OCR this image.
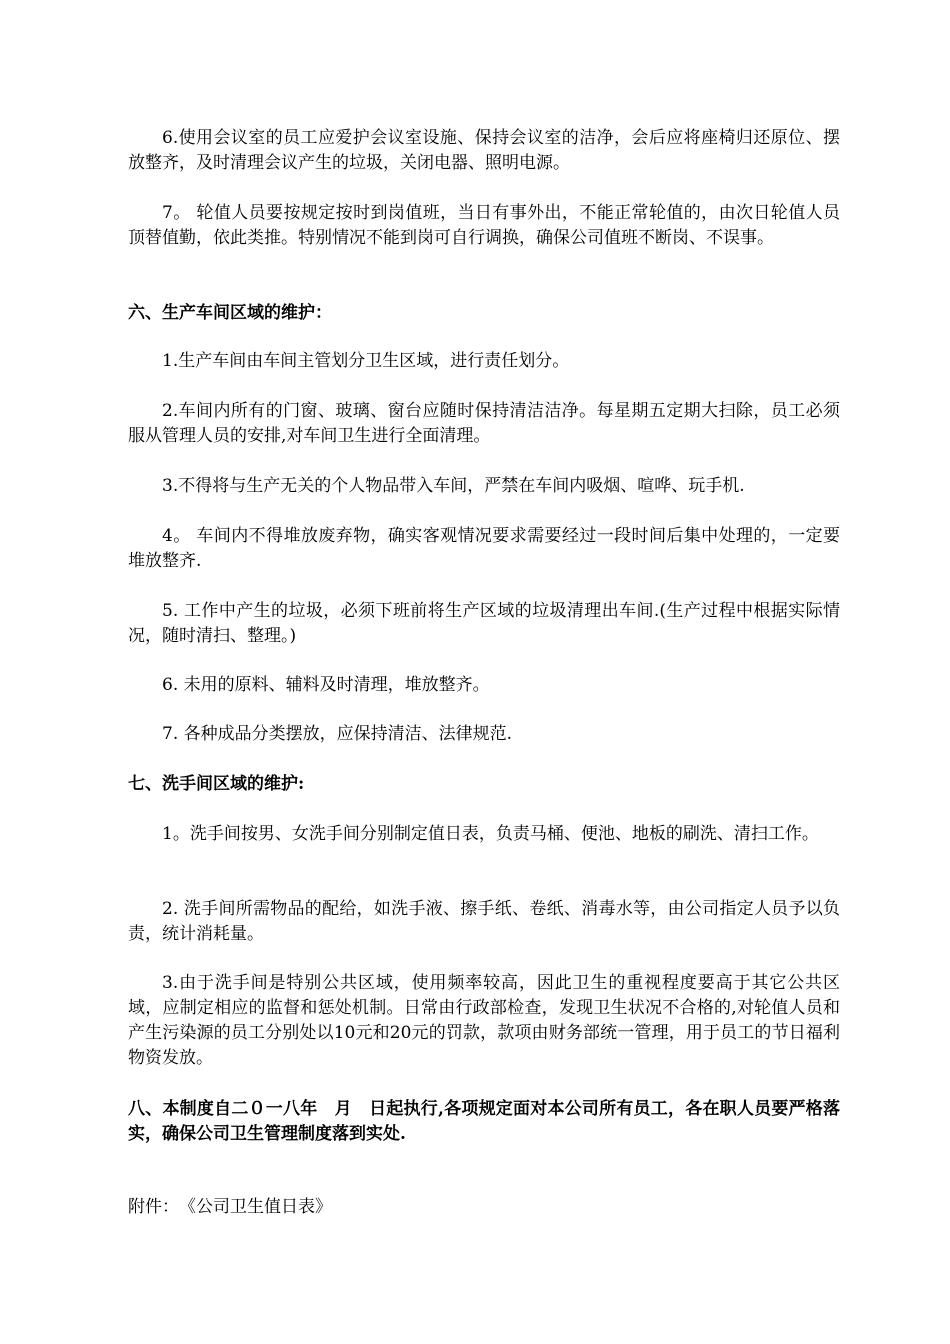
6.使用会议室的员工应爱护会议室设施、保持会议室的洁净，会后应将座椅归还原位、摆放整齐，及时清理会议产生的垃圾，关闭电器、照明电源。

7。 轮值人员要按规定按时到岗值班，当日有事外出，不能正常轮值的，由次日轮值人员顶替值勤，依此类推。特别情况不能到岗可自行调换，确保公司值班不断岗、不误事。

六、生产车间区域的维护：

1.生产车间由车间主管划分卫生区域，进行责任划分。

2.车间内所有的门窗、玻璃、窗台应随时保持清洁洁净。每星期五定期大扫除，员工必须服从管理人员的安排,对车间卫生进行全面清理。

3.不得将与生产无关的个人物品带入车间，严禁在车间内吸烟、喧哗、玩手机.

4。 车间内不得堆放废弃物，确实客观情况要求需要经过一段时间后集中处理的，一定要堆放整齐.

5. 工作中产生的垃圾，必须下班前将生产区域的垃圾清理出车间.(生产过程中根据实际情况，随时清扫、整理。)

6. 未用的原料、辅料及时清理，堆放整齐。

7. 各种成品分类摆放，应保持清洁、法律规范.

七、洗手间区域的维护:

1。洗手间按男、女洗手间分别制定值日表，负责马桶、便池、地板的刷洗、清扫工作。

2. 洗手间所需物品的配给，如洗手液、擦手纸、卷纸、消毒水等，由公司指定人员予以负责，统计消耗量。

3.由于洗手间是特别公共区域，使用频率较高，因此卫生的重视程度要高于其它公共区域，应制定相应的监督和惩处机制。日常由行政部检查，发现卫生状况不合格的,对轮值人员和产生污染源的员工分别处以10元和20元的罚款，款项由财务部统一管理，用于员工的节日福利物资发放。

八、本制度自二０一八年　月　日起执行,各项规定面对本公司所有员工，各在职人员要严格落实，确保公司卫生管理制度落到实处.

附件：　《公司卫生值日表》
